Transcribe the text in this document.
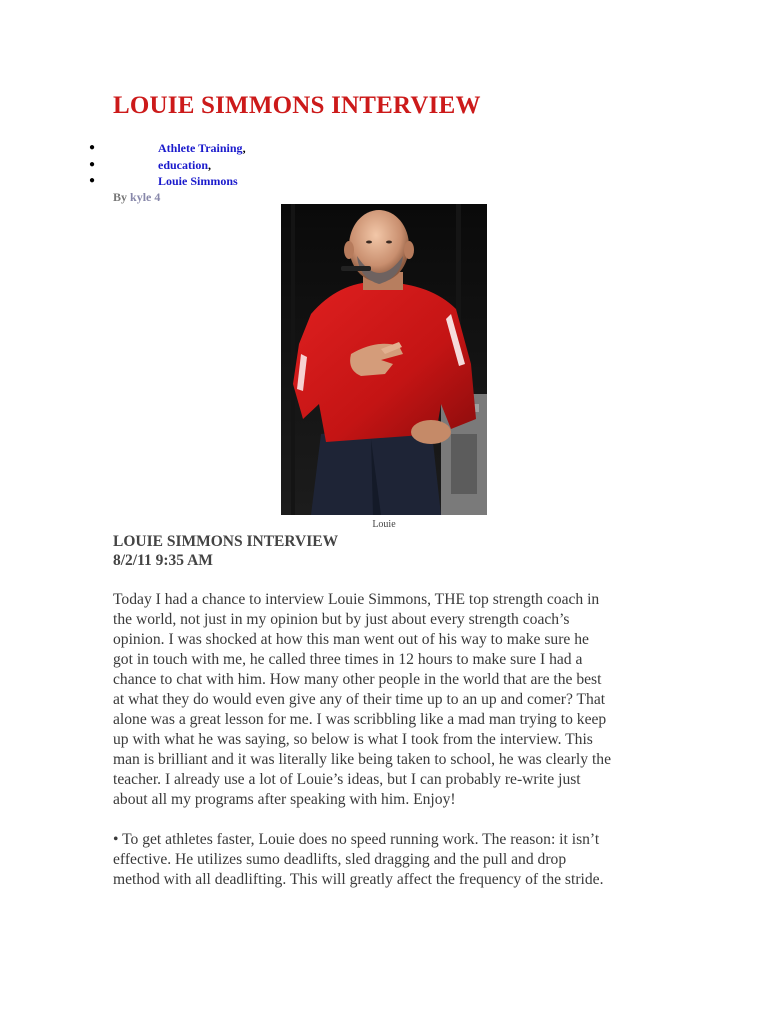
LOUIE SIMMONS INTERVIEW
●	Athlete Training,
●	education,
●	Louie Simmons
By kyle 4
Louie
LOUIE SIMMONS INTERVIEW
8/2/11 9:35 AM
Today I had a chance to interview Louie Simmons, THE top strength coach in
the world, not just in my opinion but by just about every strength coach’s
opinion. I was shocked at how this man went out of his way to make sure he
got in touch with me, he called three times in 12 hours to make sure I had a
chance to chat with him. How many other people in the world that are the best
at what they do would even give any of their time up to an up and comer? That
alone was a great lesson for me. I was scribbling like a mad man trying to keep
up with what he was saying, so below is what I took from the interview. This
man is brilliant and it was literally like being taken to school, he was clearly the
teacher. I already use a lot of Louie’s ideas, but I can probably re-write just
about all my programs after speaking with him. Enjoy!
• To get athletes faster, Louie does no speed running work. The reason: it isn’t
effective. He utilizes sumo deadlifts, sled dragging and the pull and drop
method with all deadlifting. This will greatly affect the frequency of the stride.
